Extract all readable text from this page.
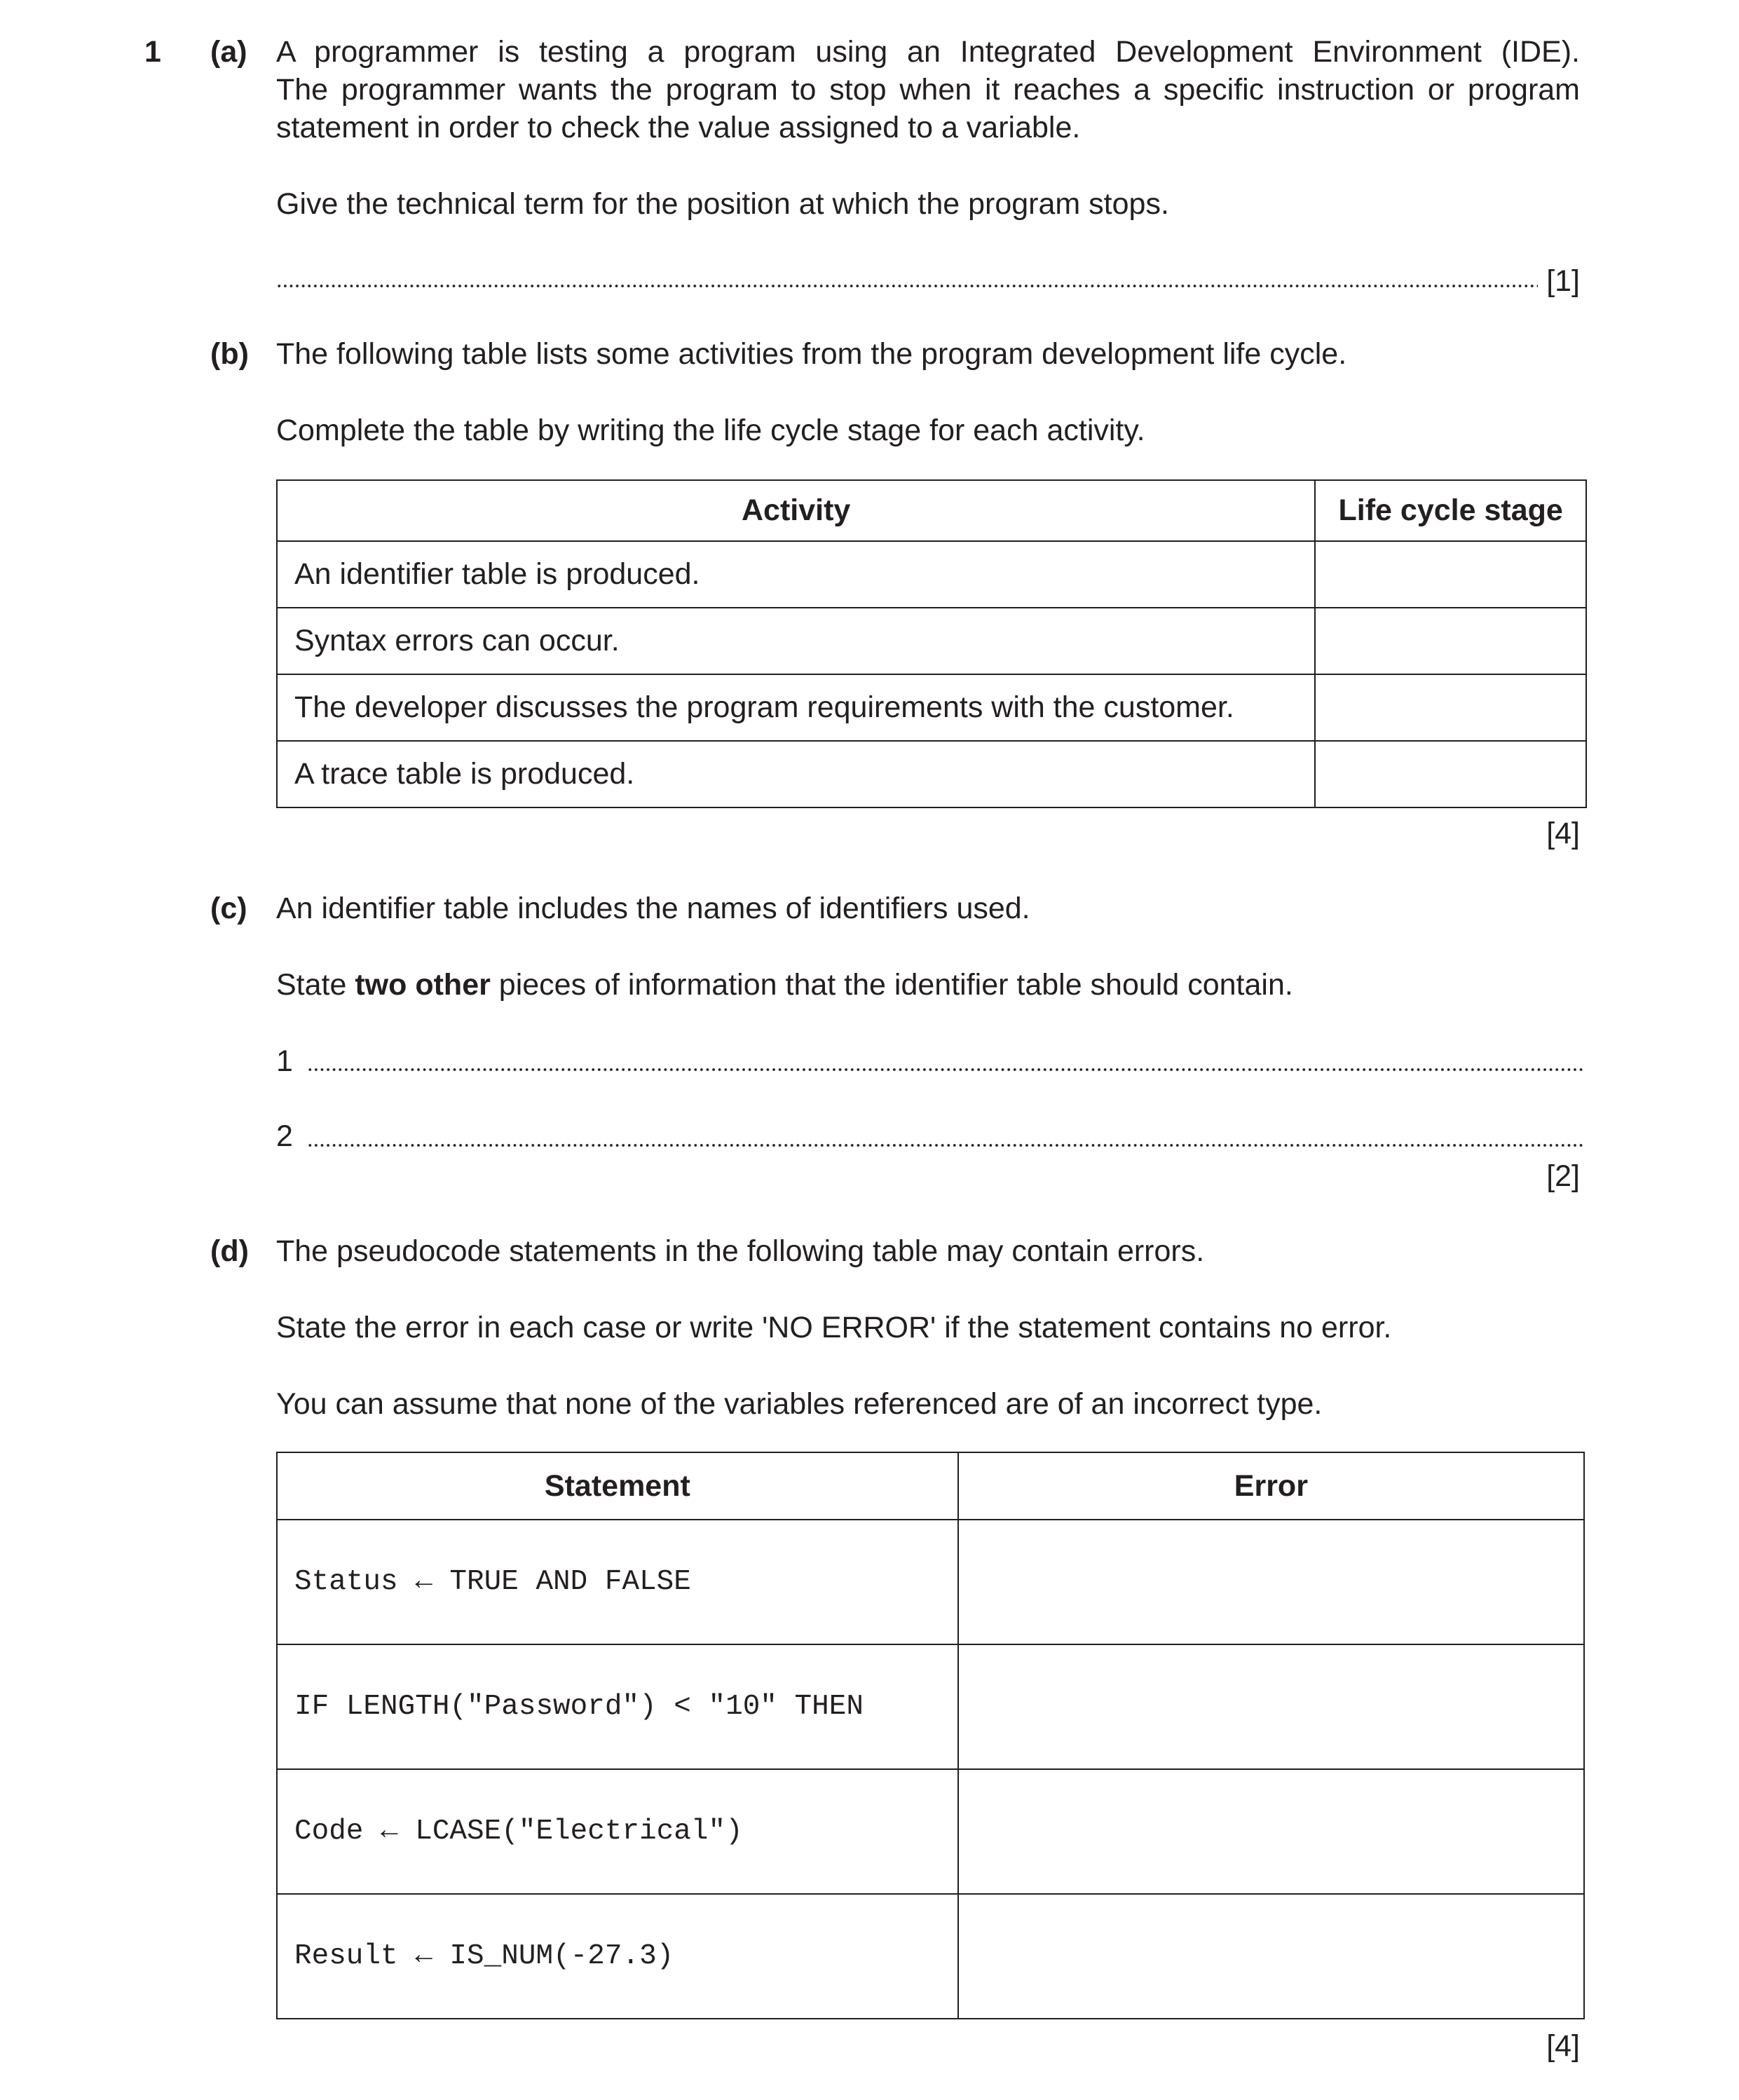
1 (a) A programmer is testing a program using an Integrated Development Environment (IDE).
The programmer wants the program to stop when it reaches a specific instruction or program
statement in order to check the value assigned to a variable.
Give the technical term for the position at which the program stops.
[1]
(b) The following table lists some activities from the program development life cycle.
Complete the table by writing the life cycle stage for each activity.
Activity	Life cycle stage
An identifier table is produced.	
Syntax errors can occur.	
The developer discusses the program requirements with the customer.	
A trace table is produced.	
[4]
(c) An identifier table includes the names of identifiers used.
State two other pieces of information that the identifier table should contain.
1
2
[2]
(d) The pseudocode statements in the following table may contain errors.
State the error in each case or write 'NO ERROR' if the statement contains no error.
You can assume that none of the variables referenced are of an incorrect type.
Statement	Error
Status ← TRUE AND FALSE	
IF LENGTH("Password") < "10" THEN	
Code ← LCASE("Electrical")	
Result ← IS_NUM(-27.3)	
[4]
